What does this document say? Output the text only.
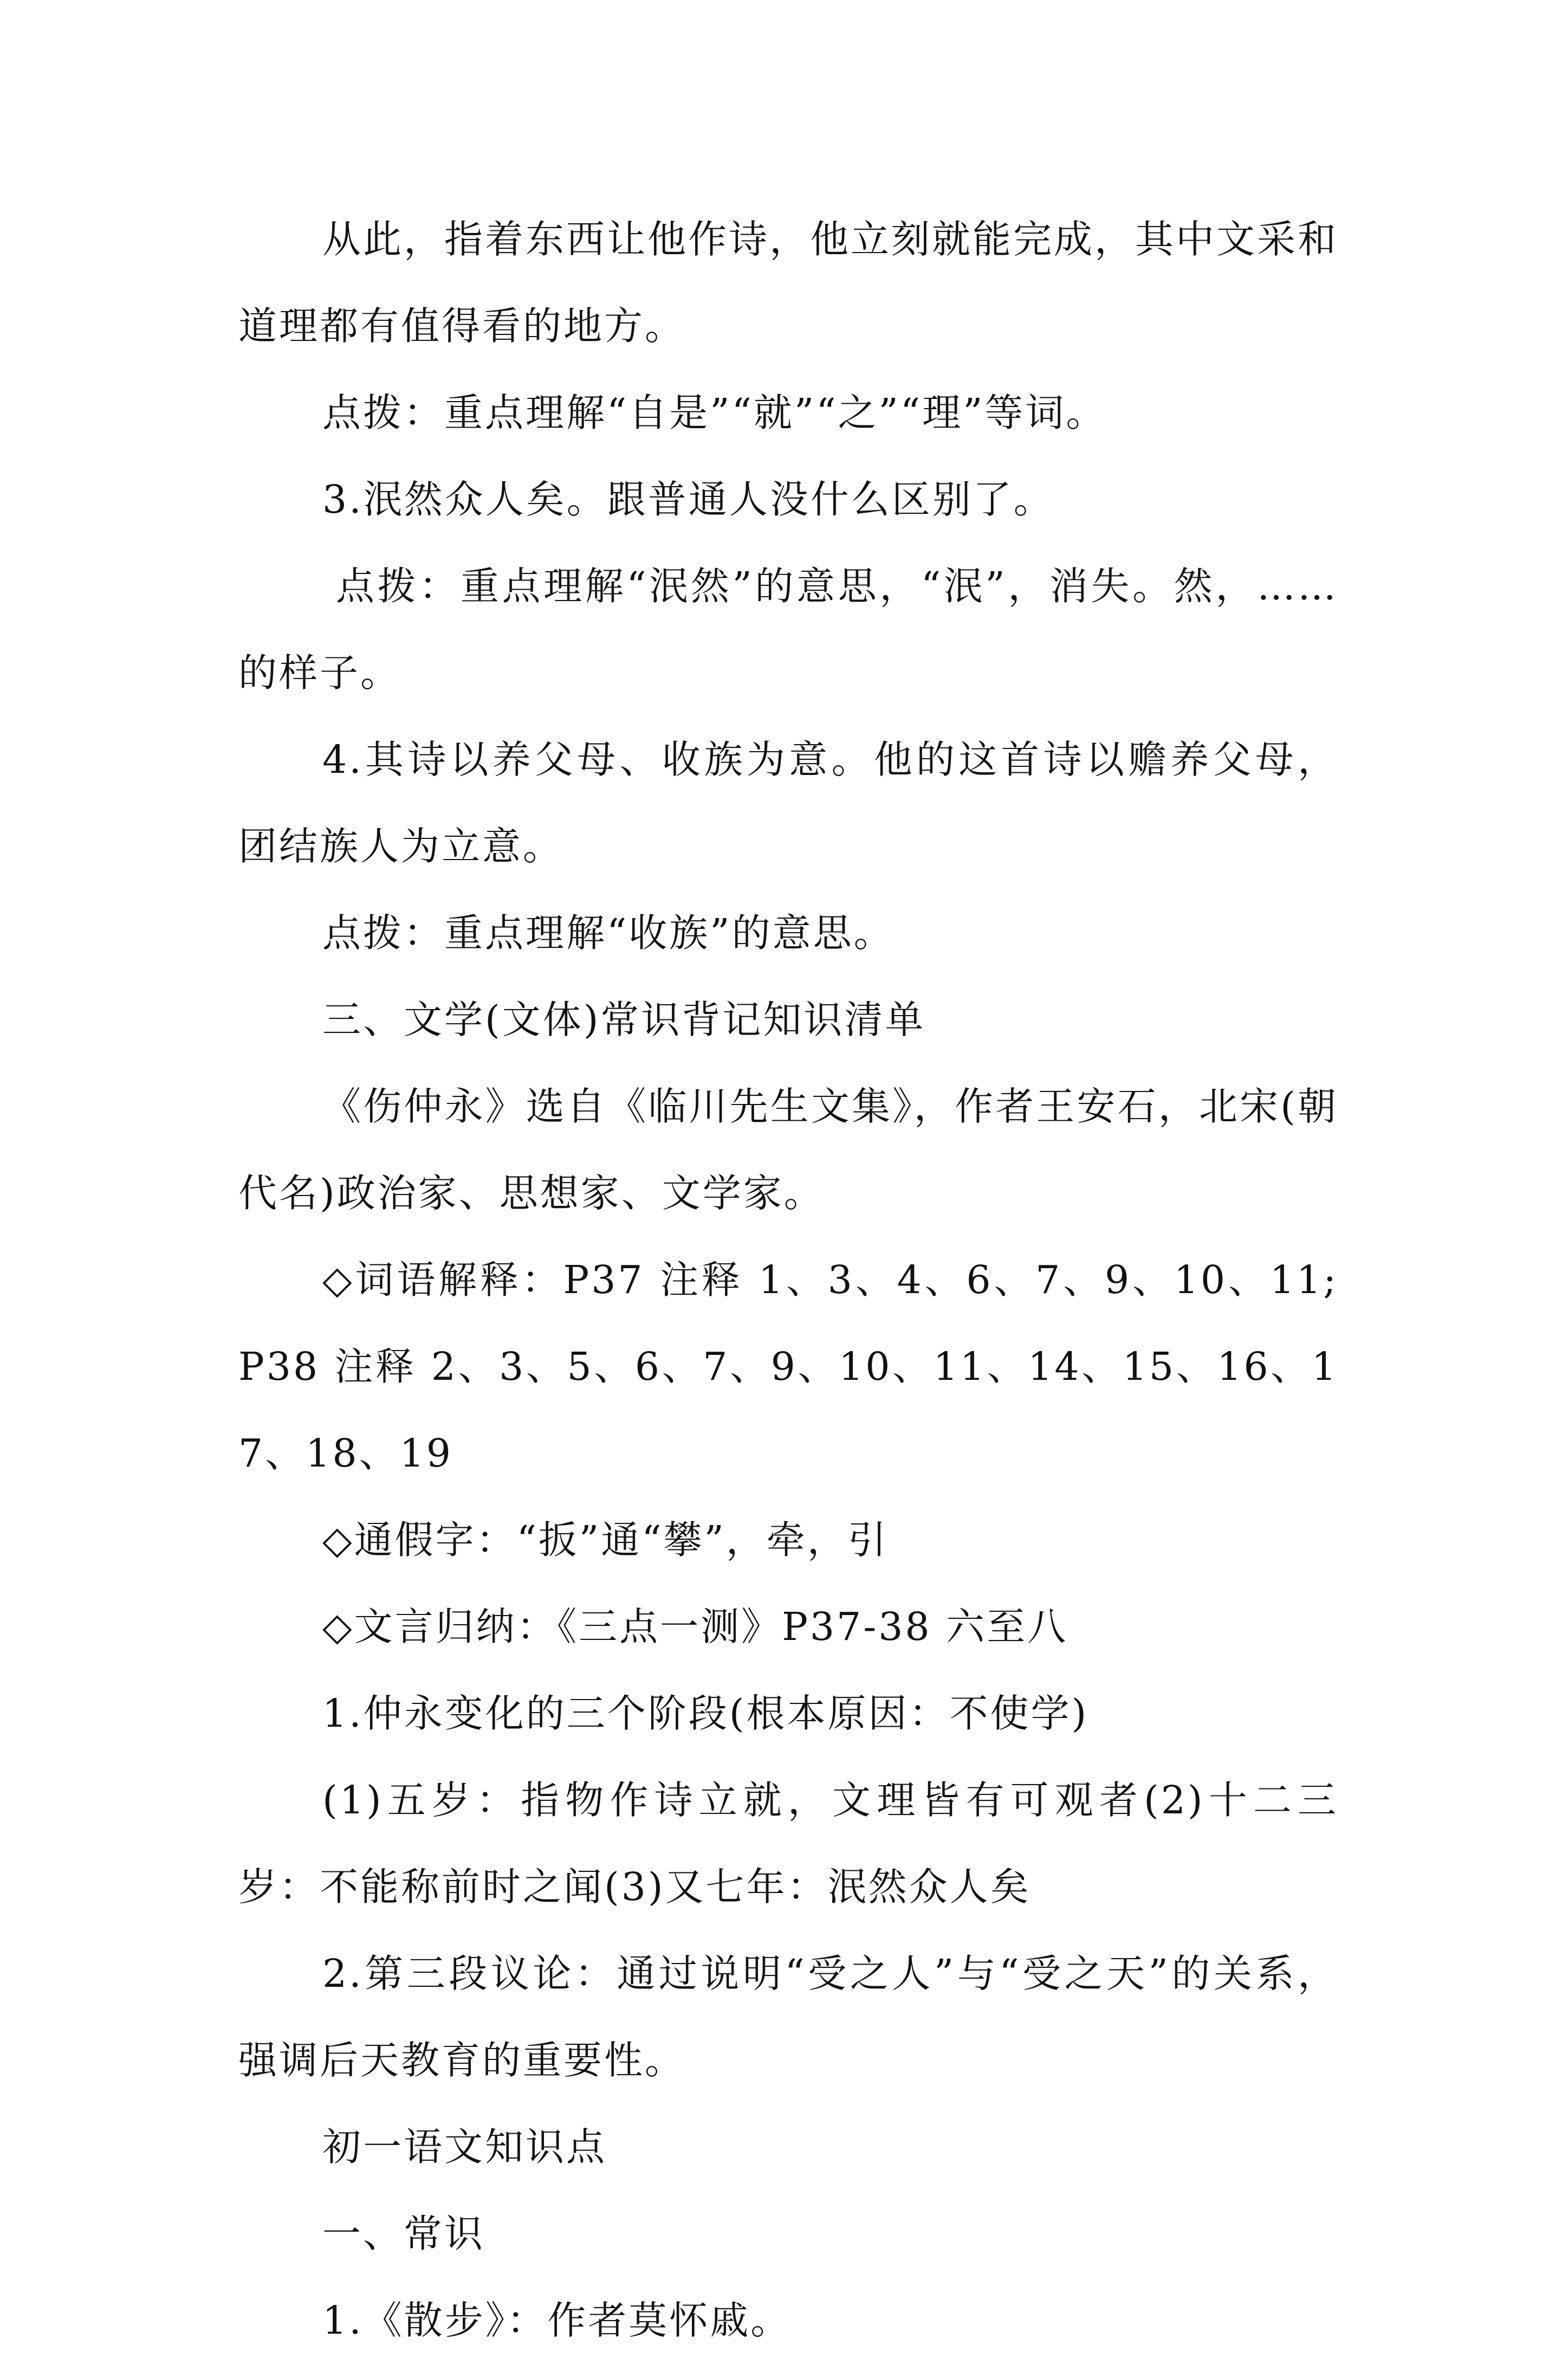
从此，指着东西让他作诗，他立刻就能完成，其中文采和道理都有值得看的地方。

点拨：重点理解“自是”“就”“之”“理”等词。

3.泯然众人矣。跟普通人没什么区别了。

点拨：重点理解“泯然”的意思，“泯”，消失。然，……的样子。

4.其诗以养父母、收族为意。他的这首诗以赡养父母，团结族人为立意。

点拨：重点理解“收族”的意思。

三、文学(文体)常识背记知识清单

《伤仲永》选自《临川先生文集》，作者王安石，北宋(朝代名)政治家、思想家、文学家。

◇词语解释：P37 注释 1、3、4、6、7、9、10、11;P38 注释 2、3、5、6、7、9、10、11、14、15、16、17、18、19

◇通假字：“扳”通“攀”，牵，引

◇文言归纳：《三点一测》P37-38 六至八

1.仲永变化的三个阶段(根本原因：不使学)

(1)五岁：指物作诗立就，文理皆有可观者(2)十二三岁：不能称前时之闻(3)又七年：泯然众人矣

2.第三段议论：通过说明“受之人”与“受之天”的关系，强调后天教育的重要性。

初一语文知识点

一、常识

1.《散步》：作者莫怀戚。
